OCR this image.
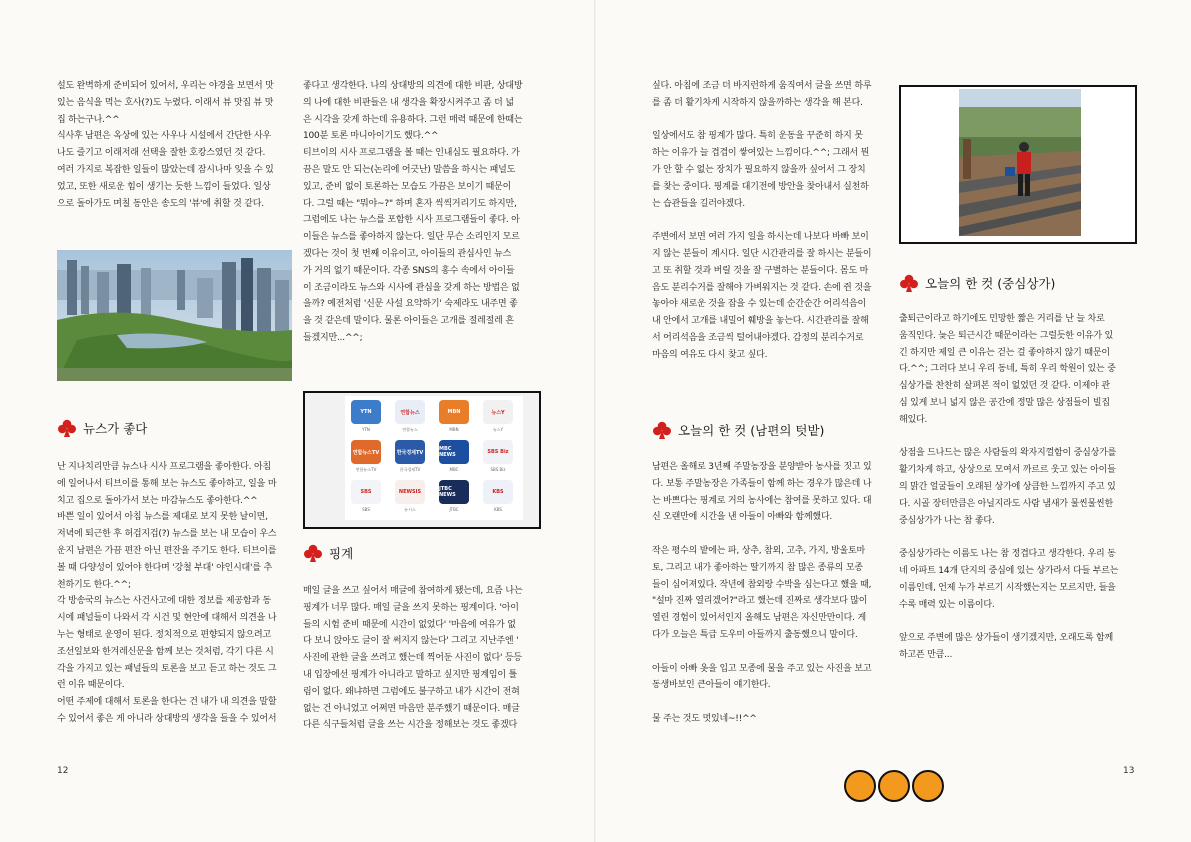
설도 완벽하게 준비되어 있어서, 우리는 야경을 보면서 맛
있는 음식을 먹는 호사(?)도 누렸다. 이래서 뷰 맛집 뷰 맛
집 하는구나.^^
식사후 남편은 옥상에 있는 사우나 시설에서 간단한 사우
나도 즐기고 이래저래 선택을 잘한 호캉스였던 것 같다.
여러 가지로 복잡한 일들이 많았는데 잠시나마 잊을 수 있
었고, 또한 새로운 힘이 생기는 듯한 느낌이 들었다. 일상
으로 돌아가도 며칠 동안은 송도의 '뷰'에 취할 것 같다.

뉴스가 좋다

난 지나치리만큼 뉴스나 시사 프로그램을 좋아한다. 아침
에 일어나서 티브이를 통해 보는 뉴스도 좋아하고, 일을 마
치고 집으로 돌아가서 보는 마감뉴스도 좋아한다.^^
바쁜 일이 있어서 아침 뉴스를 제대로 보지 못한 날이면,
저녁에 퇴근한 후 허겁지겁(?) 뉴스를 보는 내 모습이 우스
운지 남편은 가끔 편잔 아닌 편잔을 주기도 한다. 티브이를
볼 때 다양성이 있어야 한다며 '강철 부대' 야인시대'를 추
천하기도 한다.^^;
각 방송국의 뉴스는 사건사고에 대한 정보를 제공함과 동
시에 패널들이 나와서 각 시건 및 현안에 대해서 의견을 나
누는 형태로 운영이 된다. 정치적으로 편향되지 않으려고
조선일보와 한겨레신문을 함께 보는 것처럼, 각기 다른 시
각을 가지고 있는 패널들의 토론을 보고 듣고 하는 것도 그
런 이유 때문이다.
어떤 주제에 대해서 토론을 한다는 건 내가 내 의견을 말할
수 있어서 좋은 게 아니라 상대방의 생각을 들을 수 있어서

좋다고 생각한다. 나의 상대방의 의견에 대한 비판, 상대방
의 나에 대한 비판들은 내 생각을 확장시켜주고 좀 더 넓
은 시각을 갖게 하는데 유용하다. 그런 매력 때문에 한때는
100분 토론 마니아이기도 했다.^^
티브이의 시사 프로그램을 볼 때는 인내심도 필요하다. 가
끔은 말도 안 되는(논리에 어긋난) 말씀을 하시는 패널도
있고, 준비 없이 토론하는 모습도 가끔은 보이기 때문이
다. 그럴 때는 "뭐야~?" 하며 혼자 씩씩거리기도 하지만,
그럼에도 나는 뉴스를 포함한 시사 프로그램들이 좋다. 아
이들은 뉴스를 좋아하지 않는다. 일단 무슨 소리인지 모르
겠다는 것이 첫 번째 이유이고, 아이들의 관심사인 뉴스
가 거의 없기 때문이다. 각종 SNS의 홍수 속에서 아이들
이 조금이라도 뉴스와 시사에 관심을 갖게 하는 방법은 없
을까? 예전처럼 '신문 사설 요약하기' 숙제라도 내주면 좋
을 것 같은데 말이다. 물론 아이들은 고개를 절레절레 흔
들겠지만...^^;

YTN
YTN
연합뉴스
연합뉴스
MBN
MBN
뉴스Y
뉴스Y
연합뉴스TV
연합뉴스TV
한국경제TV
한국경제TV
MBC NEWS
MBC
SBS Biz
SBS Biz
SBS
SBS
NEWSIS
뉴시스
JTBC NEWS
JTBC
KBS
KBS
핑계

매일 글을 쓰고 싶어서 매글에 참여하게 됐는데, 요즘 나는
핑계가 너무 많다. 매일 글을 쓰지 못하는 핑계이다. '아이
들의 시험 준비 때문에 시간이 없었다' '마음에 여유가 없
다 보니 앉아도 글이 잘 써지지 않는다' 그리고 지난주엔 '
사진에 관한 글을 쓰려고 했는데 찍어둔 사진이 없다' 등등
내 입장에선 핑계가 아니라고 말하고 싶지만 핑계임이 틀
림이 없다. 왜냐하면 그럼에도 불구하고 내가 시간이 전혀
없는 건 아니었고 어쩌면 마음만 분주했기 때문이다. 매글
다른 식구들처럼 글을 쓰는 시간을 정해보는 것도 좋겠다

12

싶다. 아침에 조금 더 바지런하게 움직여서 글을 쓰면 하루
를 좀 더 활기차게 시작하지 않을까하는 생각을 해 본다.

일상에서도 참 핑계가 많다. 특히 운동을 꾸준히 하지 못
하는 이유가 늘 겹겹이 쌓여있는 느낌이다.^^; 그래서 뭔
가 안 할 수 없는 장치가 필요하지 않을까 싶어서 그 장치
를 찾는 중이다. 핑계를 대기전에 방안을 찾아내서 실천하
는 습관들을 길러야겠다.

주변에서 보면 여러 가지 일을 하시는데 나보다 바빠 보이
지 않는 분들이 계시다. 일단 시간관리를 잘 하시는 분들이
고 또 취할 것과 버릴 것을 잘 구별하는 분들이다. 몸도 마
음도 분리수거를 잘해야 가벼워지는 것 같다. 손에 쥔 것을
놓아야 새로운 것을 잡을 수 있는데 순간순간 어리석음이
내 안에서 고개를 내밀어 훼방을 놓는다. 시간관리를 잘해
서 어리석음을 조금씩 털어내야겠다. 감정의 분리수거로
마음의 여유도 다시 찾고 싶다.

오늘의 한 컷 (남편의 텃밭)

남편은 올해로 3년째 주말농장을 분양받아 농사를 짓고 있
다. 보통 주말농장은 가족들이 함께 하는 경우가 많은데 나
는 바쁘다는 핑계로 거의 농사에는 참여를 못하고 있다. 대
신 오랜만에 시간을 낸 아들이 아빠와 함께했다.

작은 평수의 밭에는 파, 상추, 참외, 고추, 가지, 방울토마
토, 그리고 내가 좋아하는 딸기까지 참 많은 종류의 모종
들이 심어져있다. 작년에 참외랑 수박을 심는다고 했을 때,
"설마 진짜 열리겠어?"라고 했는데 진짜로 생각보다 많이
열린 경험이 있어서인지 올해도 남편은 자신만만이다. 게
다가 오늘은 특급 도우미 아들까지 출동했으니 말이다.

아들이 아빠 옷을 입고 모종에 물을 주고 있는 사진을 보고
동생바보인 큰아들이 얘기한다.

물 주는 것도 멋있네~!!^^

오늘의 한 컷 (중심상가)

출퇴근이라고 하기에도 민망한 짧은 거리를 난 늘 차로
움직인다. 늦은 퇴근시간 때문이라는 그럴듯한 이유가 있
긴 하지만 제일 큰 이유는 걷는 걸 좋아하지 않기 때문이
다.^^; 그러다 보니 우리 동네, 특히 우리 학원이 있는 중
심상가를 찬찬히 살펴본 적이 없었던 것 같다. 이제야 관
심 있게 보니 넓지 않은 공간에 정말 많은 상점들이 빌집
해있다.

상점을 드나드는 많은 사람들의 왁자지껄함이 중심상가를
활기차게 하고, 상상으로 모여서 까르르 웃고 있는 아이들
의 맑간 얼굴들이 오래된 상가에 상큼한 느낌까지 주고 있
다. 시골 장터만큼은 아닐지라도 사람 냄새가 물씬물씬한
중심상가가 나는 참 좋다.

중심상가라는 이름도 나는 참 정겹다고 생각한다. 우리 동
네 아파트 14개 단지의 중심에 있는 상가라서 다들 부르는
이름인데, 언제 누가 부르기 시작했는지는 모르지만, 들을
수록 매력 있는 이름이다.

앞으로 주변에 많은 상가들이 생기겠지만, 오래도록 함께
하고픈 만큼...

13
